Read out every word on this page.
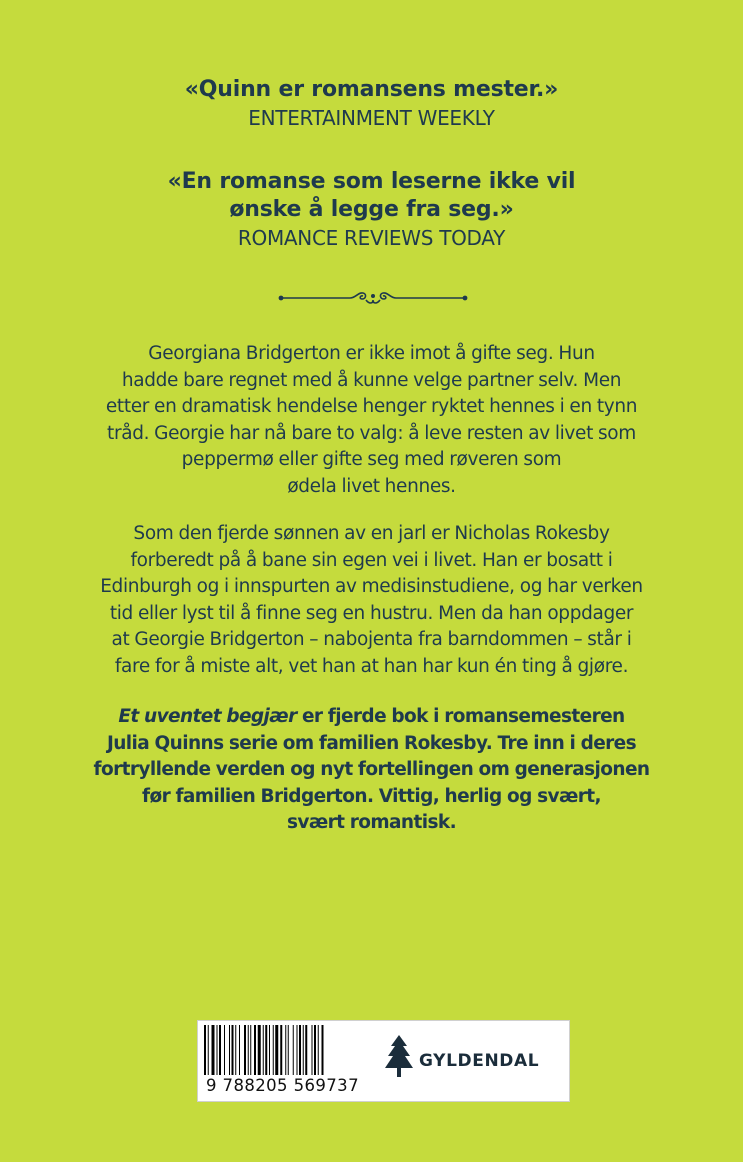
«Quinn er romansens mester.»
ENTERTAINMENT WEEKLY
«En romanse som leserne ikke vil
ønske å legge fra seg.»
ROMANCE REVIEWS TODAY
Georgiana Bridgerton er ikke imot å gifte seg. Hun
hadde bare regnet med å kunne velge partner selv. Men
etter en dramatisk hendelse henger ryktet hennes i en tynn
tråd. Georgie har nå bare to valg: å leve resten av livet som
peppermø eller gifte seg med røveren som
ødela livet hennes.
Som den fjerde sønnen av en jarl er Nicholas Rokesby
forberedt på å bane sin egen vei i livet. Han er bosatt i
Edinburgh og i innspurten av medisinstudiene, og har verken
tid eller lyst til å finne seg en hustru. Men da han oppdager
at Georgie Bridgerton – nabojenta fra barndommen – står i
fare for å miste alt, vet han at han har kun én ting å gjøre.
Et uventet begjær er fjerde bok i romansemesteren
Julia Quinns serie om familien Rokesby. Tre inn i deres
fortryllende verden og nyt fortellingen om generasjonen
før familien Bridgerton. Vittig, herlig og svært,
svært romantisk.
9 788205 569737
GYLDENDAL
